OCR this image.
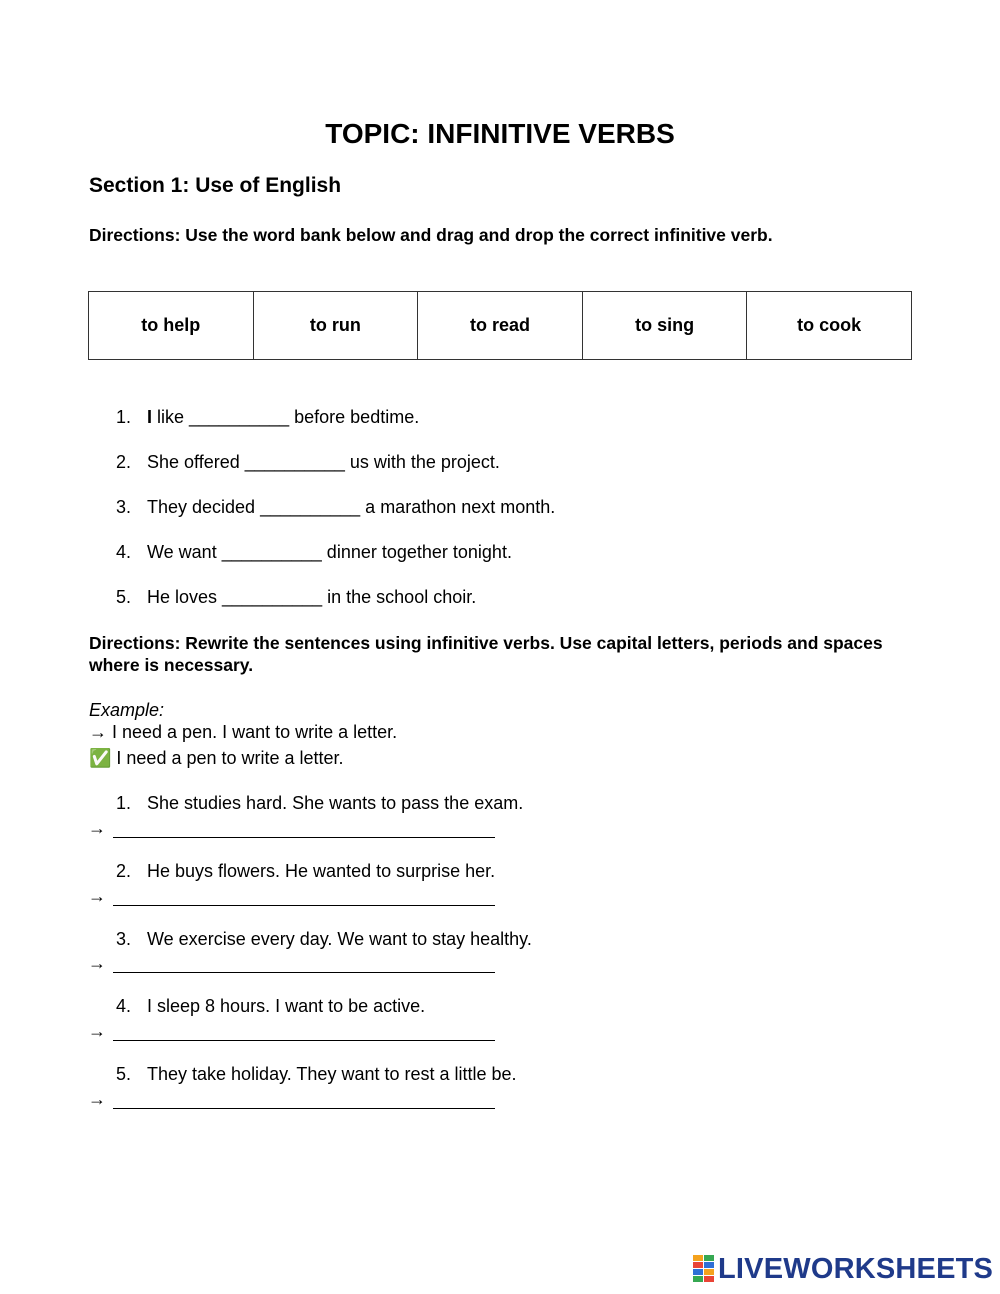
TOPIC: INFINITIVE VERBS
Section 1: Use of English

Directions: Use the word bank below and drag and drop the correct infinitive verb.

to help	to run	to read	to sing	to cook
1. I like __________ before bedtime.
2. She offered __________ us with the project.
3. They decided __________ a marathon next month.
4. We want __________ dinner together tonight.
5. He loves __________ in the school choir.

Directions: Rewrite the sentences using infinitive verbs. Use capital letters, periods and spaces where is necessary.

Example:
→ I need a pen. I want to write a letter.
✅ I need a pen to write a letter.
1. She studies hard. She wants to pass the exam.
→
2. He buys flowers. He wanted to surprise her.
→
3. We exercise every day. We want to stay healthy.
→
4. I sleep 8 hours. I want to be active.
→
5. They take holiday. They want to rest a little be.
→
LIVEWORKSHEETS
